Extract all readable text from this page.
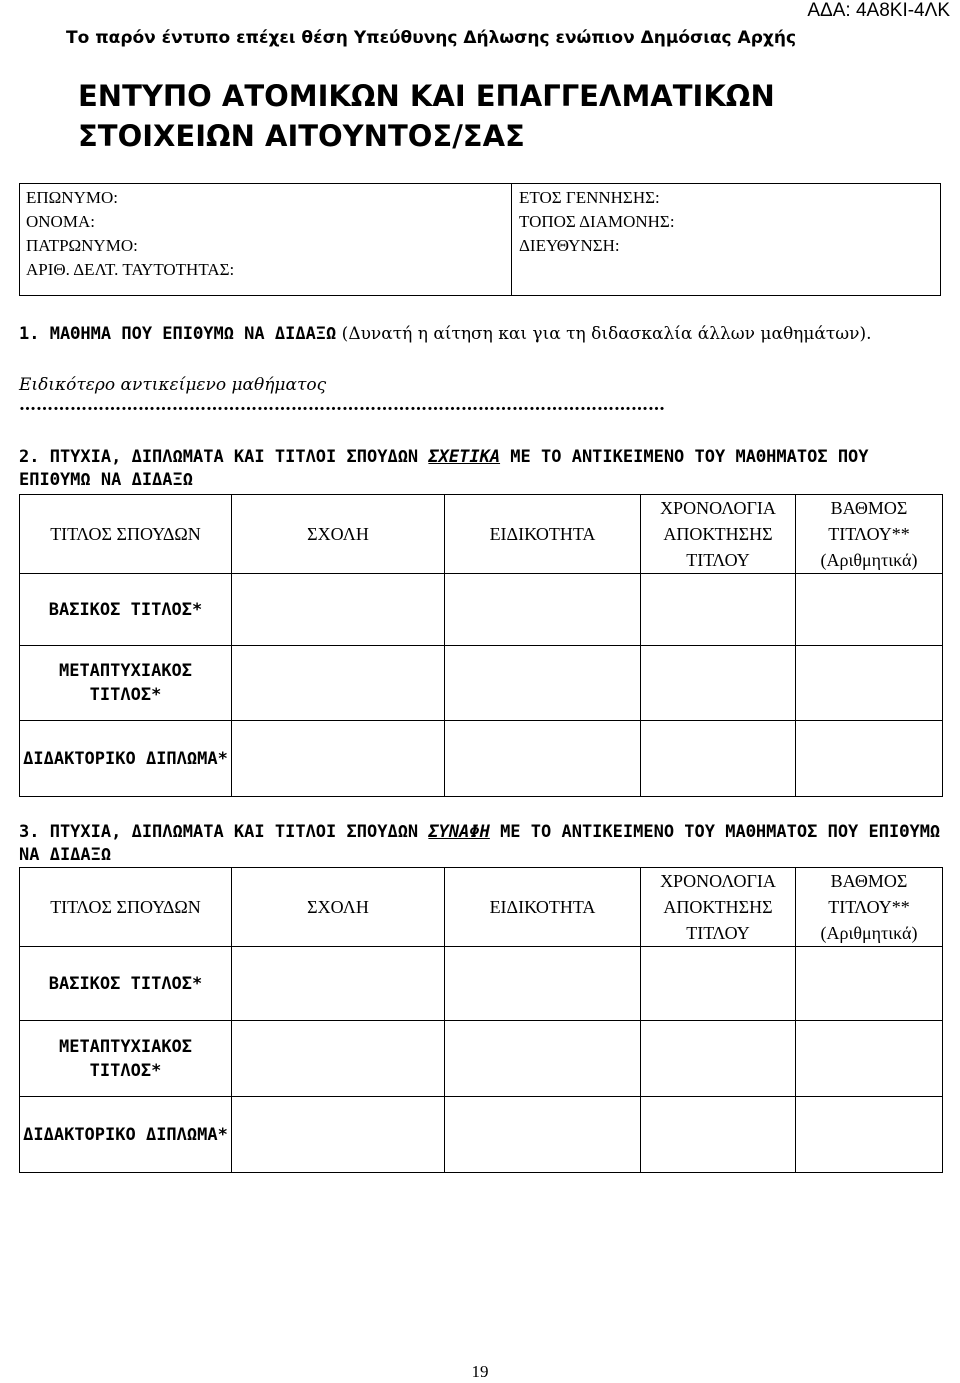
ΑΔΑ: 4Α8ΚΙ-4ΛΚ
Το παρόν έντυπο επέχει θέση Υπεύθυνης Δήλωσης ενώπιον Δημόσιας Αρχής
ΕΝΤΥΠΟ ΑΤΟΜΙΚΩΝ ΚΑΙ ΕΠΑΓΓΕΛΜΑΤΙΚΩΝ
ΣΤΟΙΧΕΙΩΝ ΑΙΤΟΥΝΤΟΣ/ΣΑΣ
ΕΠΩΝΥΜΟ:
ΟΝΟΜΑ:
ΠΑΤΡΩΝΥΜΟ:
ΑΡΙΘ. ΔΕΛΤ. ΤΑΥΤΟΤΗΤΑΣ:
ΕΤΟΣ ΓΕΝΝΗΣΗΣ:
ΤΟΠΟΣ ΔΙΑΜΟΝΗΣ:
ΔΙΕΥΘΥΝΣΗ:
1. ΜΑΘΗΜΑ ΠΟΥ ΕΠΙΘΥΜΩ ΝΑ ΔΙΔΑΞΩ (Δυνατή η αίτηση και για τη διδασκαλία άλλων μαθημάτων).
Ειδικότερο αντικείμενο μαθήματος
……………………………………………………………………………………………………
2. ΠΤΥΧΙΑ, ΔΙΠΛΩΜΑΤΑ ΚΑΙ ΤΙΤΛΟΙ ΣΠΟΥΔΩΝ ΣΧΕΤΙΚΑ ΜΕ ΤΟ ΑΝΤΙΚΕΙΜΕΝΟ ΤΟΥ ΜΑΘΗΜΑΤΟΣ ΠΟΥ ΕΠΙΘΥΜΩ ΝΑ ΔΙΔΑΞΩ
ΤΙΤΛΟΣ ΣΠΟΥΔΩΝ	ΣΧΟΛΗ	ΕΙΔΙΚΟΤΗΤΑ	ΧΡΟΝΟΛΟΓΙΑ ΑΠΟΚΤΗΣΗΣ ΤΙΤΛΟΥ	ΒΑΘΜΟΣ ΤΙΤΛΟΥ** (Αριθμητικά)
ΒΑΣΙΚΟΣ ΤΙΤΛΟΣ*				
ΜΕΤΑΠΤΥΧΙΑΚΟΣ ΤΙΤΛΟΣ*				
ΔΙΔΑΚΤΟΡΙΚΟ ΔΙΠΛΩΜΑ*				
3. ΠΤΥΧΙΑ, ΔΙΠΛΩΜΑΤΑ ΚΑΙ ΤΙΤΛΟΙ ΣΠΟΥΔΩΝ ΣΥΝΑΦΗ ΜΕ ΤΟ ΑΝΤΙΚΕΙΜΕΝΟ ΤΟΥ ΜΑΘΗΜΑΤΟΣ ΠΟΥ ΕΠΙΘΥΜΩ ΝΑ ΔΙΔΑΞΩ
ΤΙΤΛΟΣ ΣΠΟΥΔΩΝ	ΣΧΟΛΗ	ΕΙΔΙΚΟΤΗΤΑ	ΧΡΟΝΟΛΟΓΙΑ ΑΠΟΚΤΗΣΗΣ ΤΙΤΛΟΥ	ΒΑΘΜΟΣ ΤΙΤΛΟΥ** (Αριθμητικά)
ΒΑΣΙΚΟΣ ΤΙΤΛΟΣ*				
ΜΕΤΑΠΤΥΧΙΑΚΟΣ ΤΙΤΛΟΣ*				
ΔΙΔΑΚΤΟΡΙΚΟ ΔΙΠΛΩΜΑ*				
19
